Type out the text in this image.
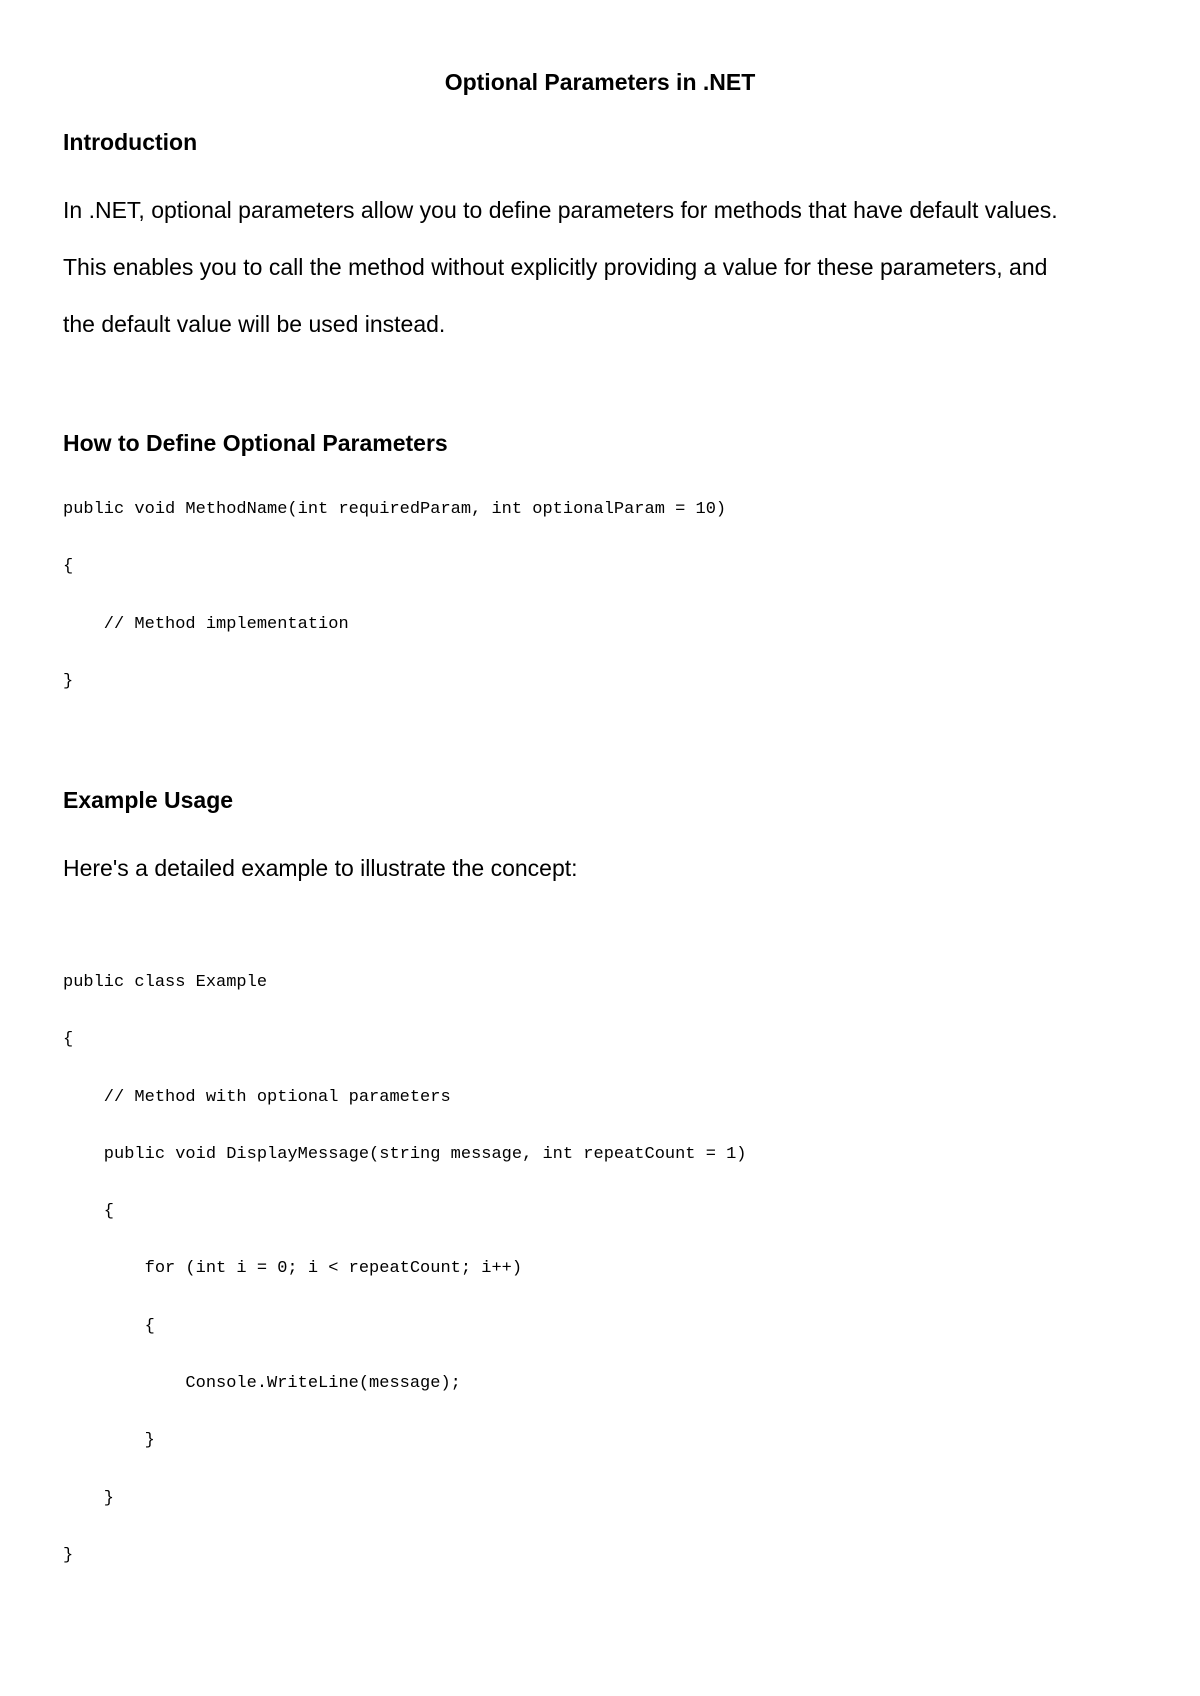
Optional Parameters in .NET
Introduction
In .NET, optional parameters allow you to define parameters for methods that have default values.
This enables you to call the method without explicitly providing a value for these parameters, and
the default value will be used instead.
How to Define Optional Parameters
public void MethodName(int requiredParam, int optionalParam = 10)
{
// Method implementation
}
Example Usage
Here's a detailed example to illustrate the concept:
public class Example
{
// Method with optional parameters
public void DisplayMessage(string message, int repeatCount = 1)
{
for (int i = 0; i < repeatCount; i++)
{
Console.WriteLine(message);
}
}
}
